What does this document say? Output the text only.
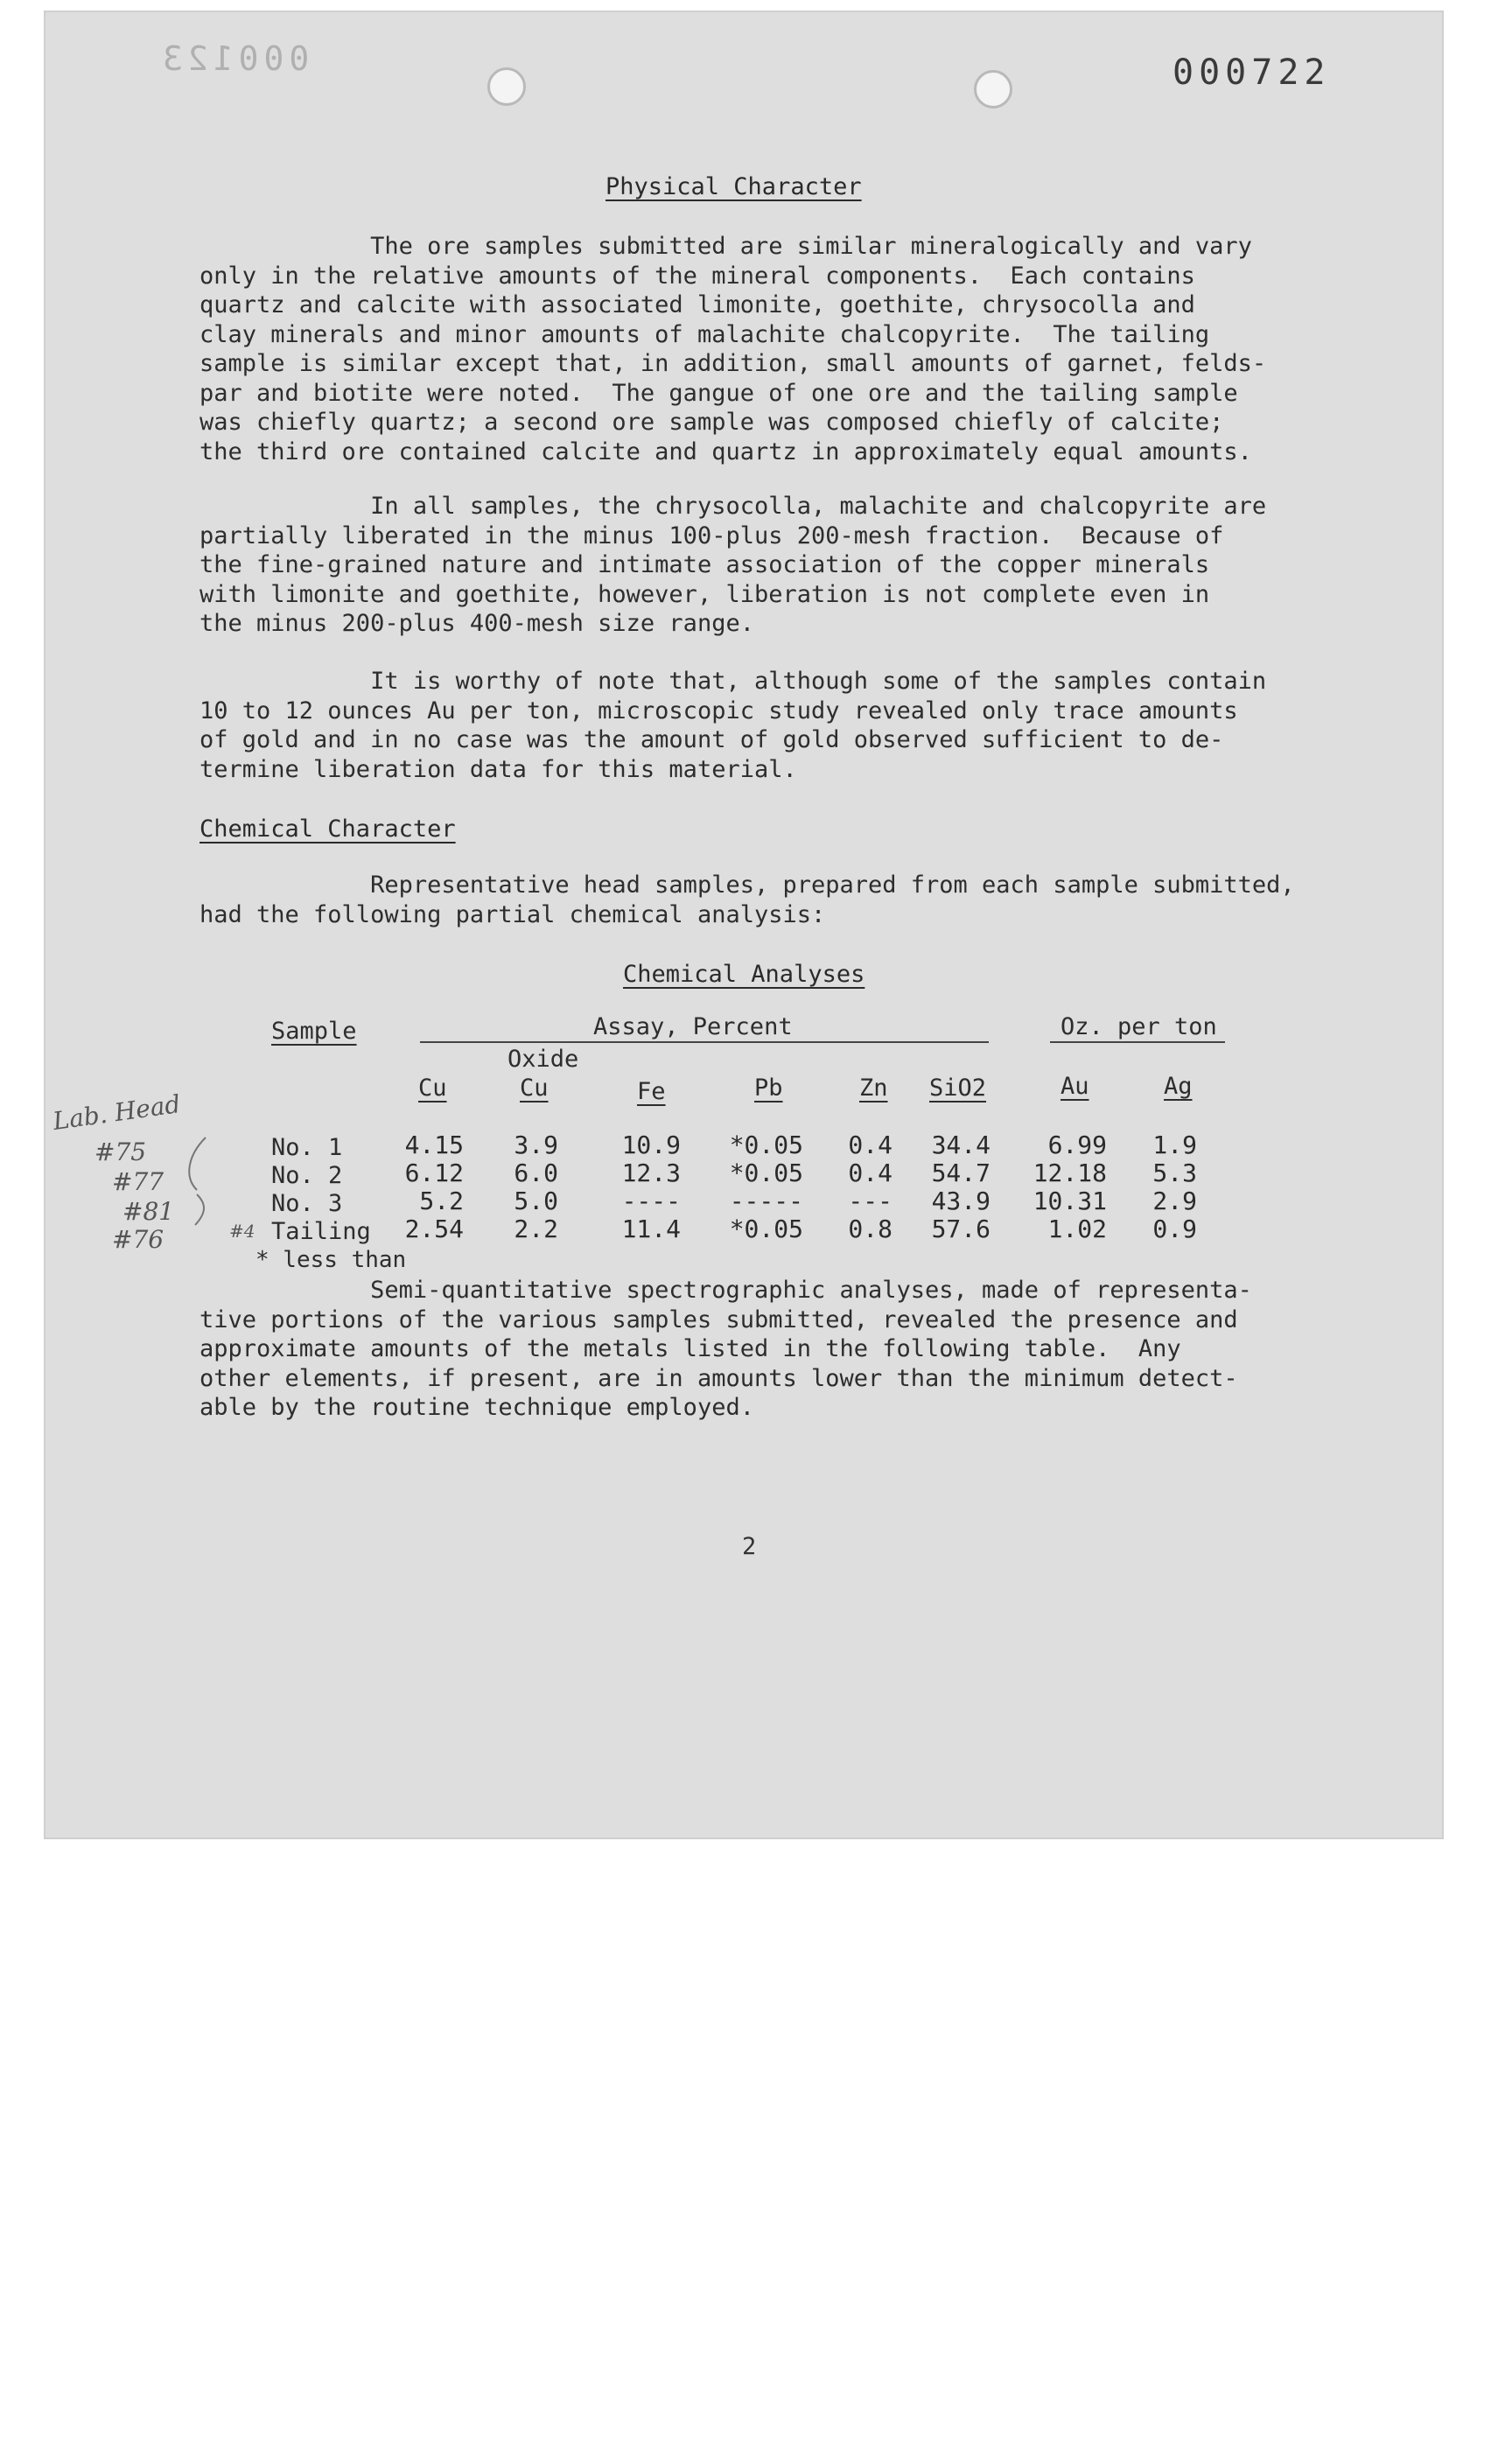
000123	000722
Physical Character
The ore samples submitted are similar mineralogically and vary
only in the relative amounts of the mineral components.  Each contains
quartz and calcite with associated limonite, goethite, chrysocolla and
clay minerals and minor amounts of malachite chalcopyrite.  The tailing
sample is similar except that, in addition, small amounts of garnet, felds-
par and biotite were noted.  The gangue of one ore and the tailing sample
was chiefly quartz; a second ore sample was composed chiefly of calcite;
the third ore contained calcite and quartz in approximately equal amounts.
In all samples, the chrysocolla, malachite and chalcopyrite are
partially liberated in the minus 100-plus 200-mesh fraction.  Because of
the fine-grained nature and intimate association of the copper minerals
with limonite and goethite, however, liberation is not complete even in
the minus 200-plus 400-mesh size range.
It is worthy of note that, although some of the samples contain
10 to 12 ounces Au per ton, microscopic study revealed only trace amounts
of gold and in no case was the amount of gold observed sufficient to de-
termine liberation data for this material.
Chemical Character
Representative head samples, prepared from each sample submitted,
had the following partial chemical analysis:
Chemical Analyses
Sample	Assay, Percent	Oz. per ton
Oxide
Cu	Cu	Fe	Pb	Zn SiO2	Au	Ag
No. 1	4.15	3.9	10.9	*0.05	0.4	34.4	6.99	1.9
No. 2	6.12	6.0	12.3	*0.05	0.4	54.7	12.18	5.3
No. 3	5.2	5.0	----	-----	---	43.9	10.31	2.9
Tailing	2.54	2.2	11.4	*0.05	0.8	57.6	1.02	0.9
* less than
Lab. Head
#75
#77
#81
#76	#4
Semi-quantitative spectrographic analyses, made of representa-
tive portions of the various samples submitted, revealed the presence and
approximate amounts of the metals listed in the following table.  Any
other elements, if present, are in amounts lower than the minimum detect-
able by the routine technique employed.
2
